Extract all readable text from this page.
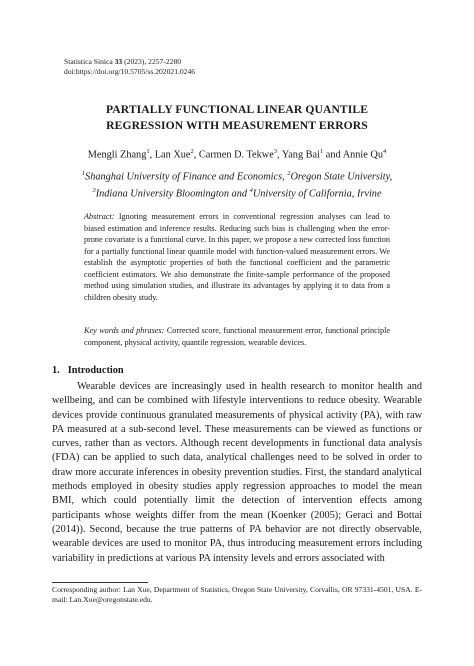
Statistica Sinica 33 (2023), 2257-2280
doi:https://doi.org/10.5705/ss.202021.0246
PARTIALLY FUNCTIONAL LINEAR QUANTILE
REGRESSION WITH MEASUREMENT ERRORS
Mengli Zhang$^1$, Lan Xue$^2$, Carmen D. Tekwe$^3$, Yang Bai$^1$ and Annie Qu$^4$
$^1$Shanghai University of Finance and Economics, $^2$Oregon State University,
$^3$Indiana University Bloomington and $^4$University of California, Irvine
Abstract: Ignoring measurement errors in conventional regression analyses can lead to biased estimation and inference results. Reducing such bias is challenging when the error-prone covariate is a functional curve. In this paper, we propose a new corrected loss function for a partially functional linear quantile model with function-valued measurement errors. We establish the asymptotic properties of both the functional coefficient and the parametric coefficient estimators. We also demonstrate the finite-sample performance of the proposed method using simulation studies, and illustrate its advantages by applying it to data from a children obesity study.
Key words and phrases: Corrected score, functional measurement error, functional principle component, physical activity, quantile regression, wearable devices.
1. Introduction
Wearable devices are increasingly used in health research to monitor health and wellbeing, and can be combined with lifestyle interventions to reduce obesity. Wearable devices provide continuous granulated measurements of physical activity (PA), with raw PA measured at a sub-second level. These measurements can be viewed as functions or curves, rather than as vectors. Although recent developments in functional data analysis (FDA) can be applied to such data, analytical challenges need to be solved in order to draw more accurate inferences in obesity prevention studies. First, the standard analytical methods employed in obesity studies apply regression approaches to model the mean BMI, which could potentially limit the detection of intervention effects among participants whose weights differ from the mean (Koenker (2005); Geraci and Bottai (2014)). Second, because the true patterns of PA behavior are not directly observable, wearable devices are used to monitor PA, thus introducing measurement errors including variability in predictions at various PA intensity levels and errors associated with
Corresponding author: Lan Xue, Department of Statistics, Oregon State University, Corvallis, OR 97331-4501, USA. E-mail: Lan.Xue@oregonstate.edu.
